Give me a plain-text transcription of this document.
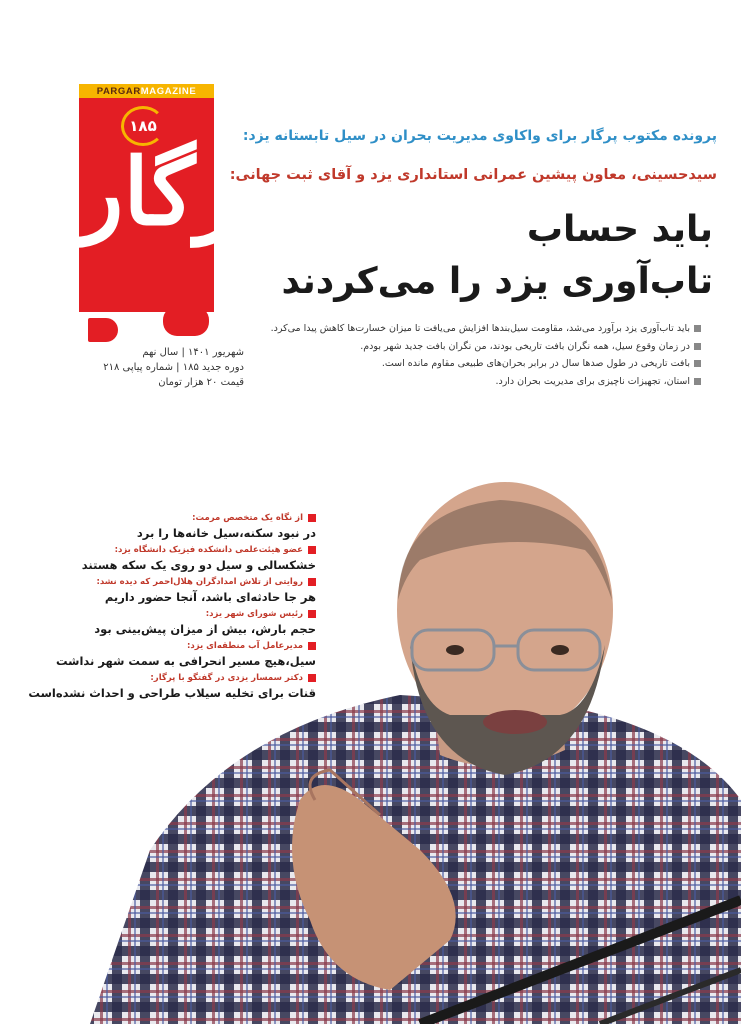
PARGAR MAGAZINE
۱۸۵
پرگار
شهریور ۱۴۰۱ | سال نهم
دوره جدید ۱۸۵ | شماره پیاپی ۲۱۸
قیمت ۲۰ هزار تومان
پرونده مکتوب پرگار برای واکاوی مدیریت بحران در سیل تابستانه یزد:
سیدحسینی، معاون پیشین عمرانی استانداری یزد و آقای ثبت جهانی:
باید حساب
تاب‌آوری یزد را می‌کردند
باید تاب‌آوری یزد برآورد می‌شد، مقاومت سیل‌بندها افزایش می‌یافت تا میزان خسارت‌ها کاهش پیدا می‌کرد.
در زمان وقوع سیل، همه نگران بافت تاریخی بودند، من نگران بافت جدید شهر بودم.
بافت تاریخی در طول صدها سال در برابر بحران‌های طبیعی مقاوم مانده است.
استان، تجهیزات ناچیزی برای مدیریت بحران دارد.
از نگاه یک متخصص مرمت:
در نبود سکنه،سیل خانه‌ها را برد
عضو هیئت‌علمی دانشکده فیزیک دانشگاه یزد:
خشکسالی و سیل دو روی یک سکه هستند
روایتی از تلاش امدادگران هلال‌احمر که دیده نشد:
هر جا حادثه‌ای باشد، آنجا حضور داریم
رئیس شورای شهر یزد:
حجم بارش، بیش از میزان پیش‌بینی بود
مدیرعامل آب منطقه‌ای یزد:
سیل،هیچ مسیر انحرافی به سمت شهر نداشت
دکتر سمسار یزدی در گفتگو با پرگار:
قنات برای تخلیه سیلاب طراحی و احداث نشده‌است
